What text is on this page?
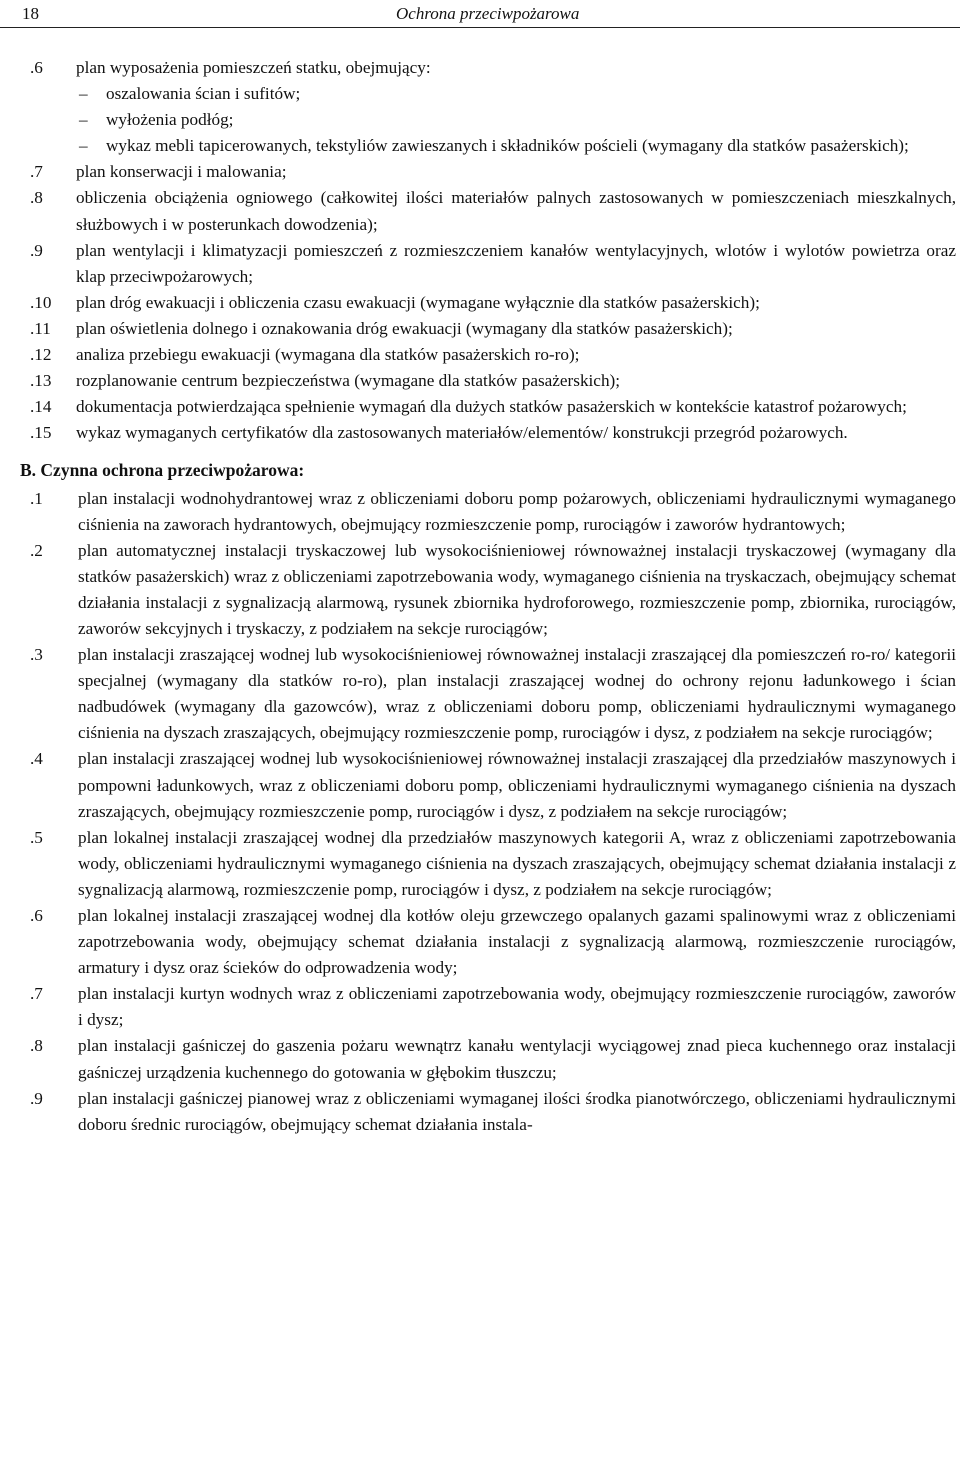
18	Ochrona przeciwpożarowa
.6 plan wyposażenia pomieszczeń statku, obejmujący:
– oszalowania ścian i sufitów;
– wyłożenia podłóg;
– wykaz mebli tapicerowanych, tekstyliów zawieszanych i składników pościeli (wymagany dla statków pasażerskich);
.7 plan konserwacji i malowania;
.8 obliczenia obciążenia ogniowego (całkowitej ilości materiałów palnych zastosowanych w pomieszczeniach mieszkalnych, służbowych i w posterunkach dowodzenia);
.9 plan wentylacji i klimatyzacji pomieszczeń z rozmieszczeniem kanałów wentylacyjnych, wlotów i wylotów powietrza oraz klap przeciwpożarowych;
.10 plan dróg ewakuacji i obliczenia czasu ewakuacji (wymagane wyłącznie dla statków pasażerskich);
.11 plan oświetlenia dolnego i oznakowania dróg ewakuacji (wymagany dla statków pasażerskich);
.12 analiza przebiegu ewakuacji (wymagana dla statków pasażerskich ro-ro);
.13 rozplanowanie centrum bezpieczeństwa (wymagane dla statków pasażerskich);
.14 dokumentacja potwierdzająca spełnienie wymagań dla dużych statków pasażerskich w kontekście katastrof pożarowych;
.15 wykaz wymaganych certyfikatów dla zastosowanych materiałów/elementów/ konstrukcji przegród pożarowych.
B. Czynna ochrona przeciwpożarowa:
.1 plan instalacji wodnohydrantowej wraz z obliczeniami doboru pomp pożarowych, obliczeniami hydraulicznymi wymaganego ciśnienia na zaworach hydrantowych, obejmujący rozmieszczenie pomp, rurociągów i zaworów hydrantowych;
.2 plan automatycznej instalacji tryskaczowej lub wysokociśnieniowej równoważnej instalacji tryskaczowej (wymagany dla statków pasażerskich) wraz z obliczeniami zapotrzebowania wody, wymaganego ciśnienia na tryskaczach, obejmujący schemat działania instalacji z sygnalizacją alarmową, rysunek zbiornika hydroforowego, rozmieszczenie pomp, zbiornika, rurociągów, zaworów sekcyjnych i tryskaczy, z podziałem na sekcje rurociągów;
.3 plan instalacji zraszającej wodnej lub wysokociśnieniowej równoważnej instalacji zraszającej dla pomieszczeń ro-ro/ kategorii specjalnej (wymagany dla statków ro-ro), plan instalacji zraszającej wodnej do ochrony rejonu ładunkowego i ścian nadbudówek (wymagany dla gazowców), wraz z obliczeniami doboru pomp, obliczeniami hydraulicznymi wymaganego ciśnienia na dyszach zraszających, obejmujący rozmieszczenie pomp, rurociągów i dysz, z podziałem na sekcje rurociągów;
.4 plan instalacji zraszającej wodnej lub wysokociśnieniowej równoważnej instalacji zraszającej dla przedziałów maszynowych i pompowni ładunkowych, wraz z obliczeniami doboru pomp, obliczeniami hydraulicznymi wymaganego ciśnienia na dyszach zraszających, obejmujący rozmieszczenie pomp, rurociągów i dysz, z podziałem na sekcje rurociągów;
.5 plan lokalnej instalacji zraszającej wodnej dla przedziałów maszynowych kategorii A, wraz z obliczeniami zapotrzebowania wody, obliczeniami hydraulicznymi wymaganego ciśnienia na dyszach zraszających, obejmujący schemat działania instalacji z sygnalizacją alarmową, rozmieszczenie pomp, rurociągów i dysz, z podziałem na sekcje rurociągów;
.6 plan lokalnej instalacji zraszającej wodnej dla kotłów oleju grzewczego opalanych gazami spalinowymi wraz z obliczeniami zapotrzebowania wody, obejmujący schemat działania instalacji z sygnalizacją alarmową, rozmieszczenie rurociągów, armatury i dysz oraz ścieków do odprowadzenia wody;
.7 plan instalacji kurtyn wodnych wraz z obliczeniami zapotrzebowania wody, obejmujący rozmieszczenie rurociągów, zaworów i dysz;
.8 plan instalacji gaśniczej do gaszenia pożaru wewnątrz kanału wentylacji wyciągowej znad pieca kuchennego oraz instalacji gaśniczej urządzenia kuchennego do gotowania w głębokim tłuszczu;
.9 plan instalacji gaśniczej pianowej wraz z obliczeniami wymaganej ilości środka pianotwórczego, obliczeniami hydraulicznymi doboru średnic rurociągów, obejmujący schemat działania instala-
